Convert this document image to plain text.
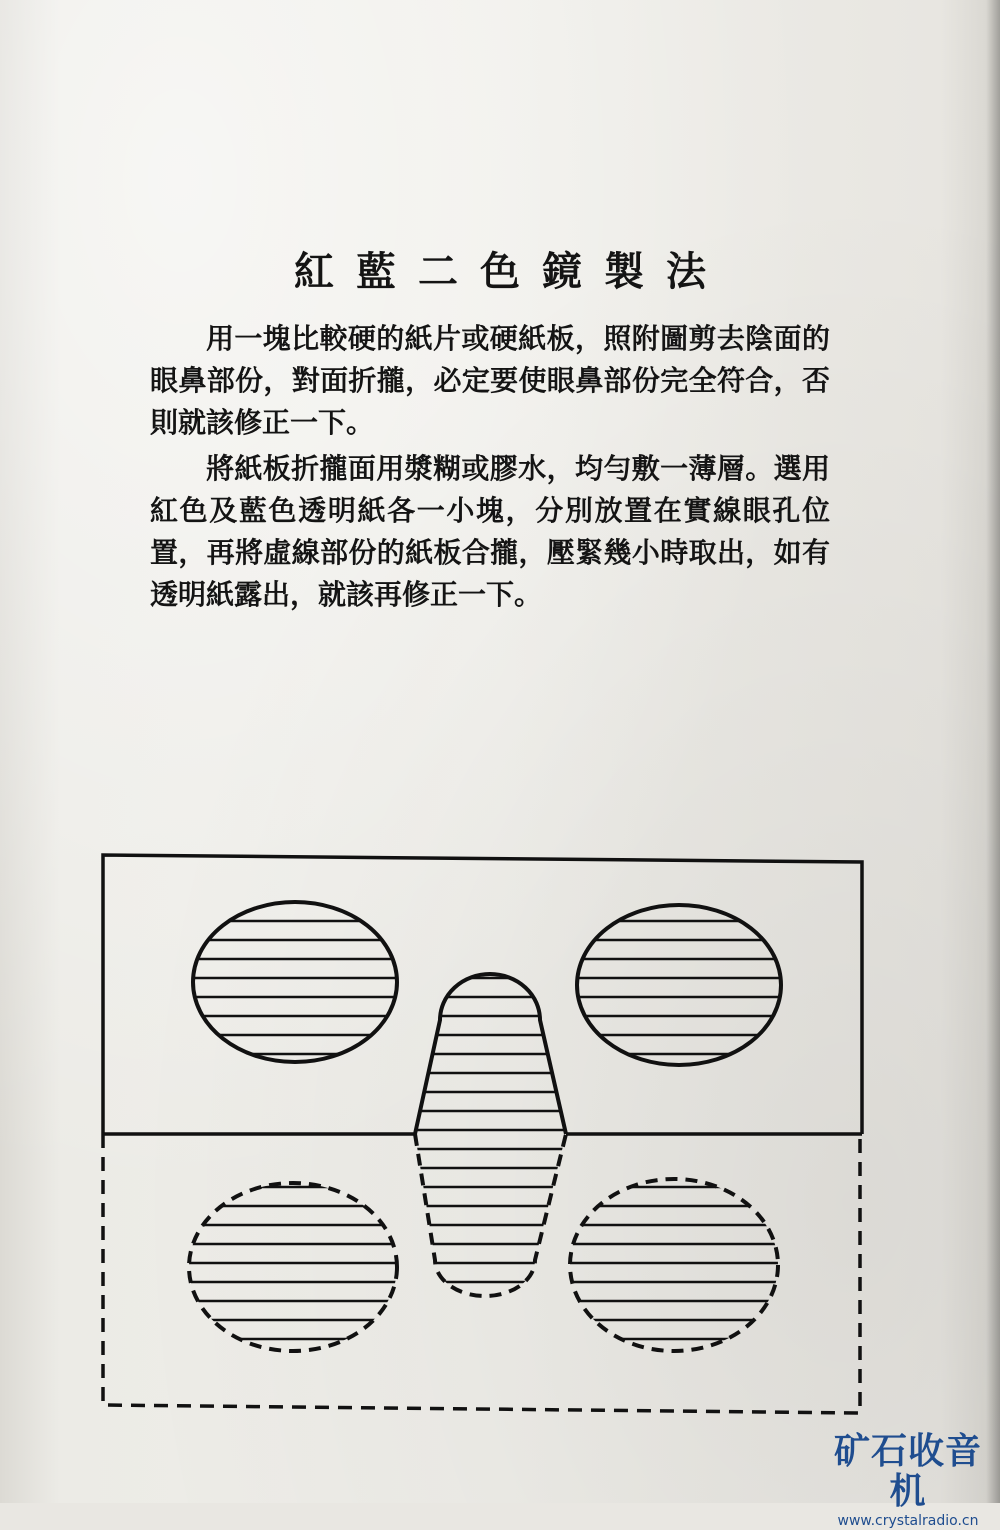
紅藍二色鏡製法

用一塊比較硬的紙片或硬紙板，照附圖剪去陰面的眼鼻部份，對面折攏，必定要使眼鼻部份完全符合，否則就該修正一下。

將紙板折攏面用漿糊或膠水，均勻敷一薄層。選用紅色及藍色透明紙各一小塊，分別放置在實線眼孔位置，再將虛線部份的紙板合攏，壓緊幾小時取出，如有透明紙露出，就該再修正一下。

矿石收音机
www.crystalradio.cn
